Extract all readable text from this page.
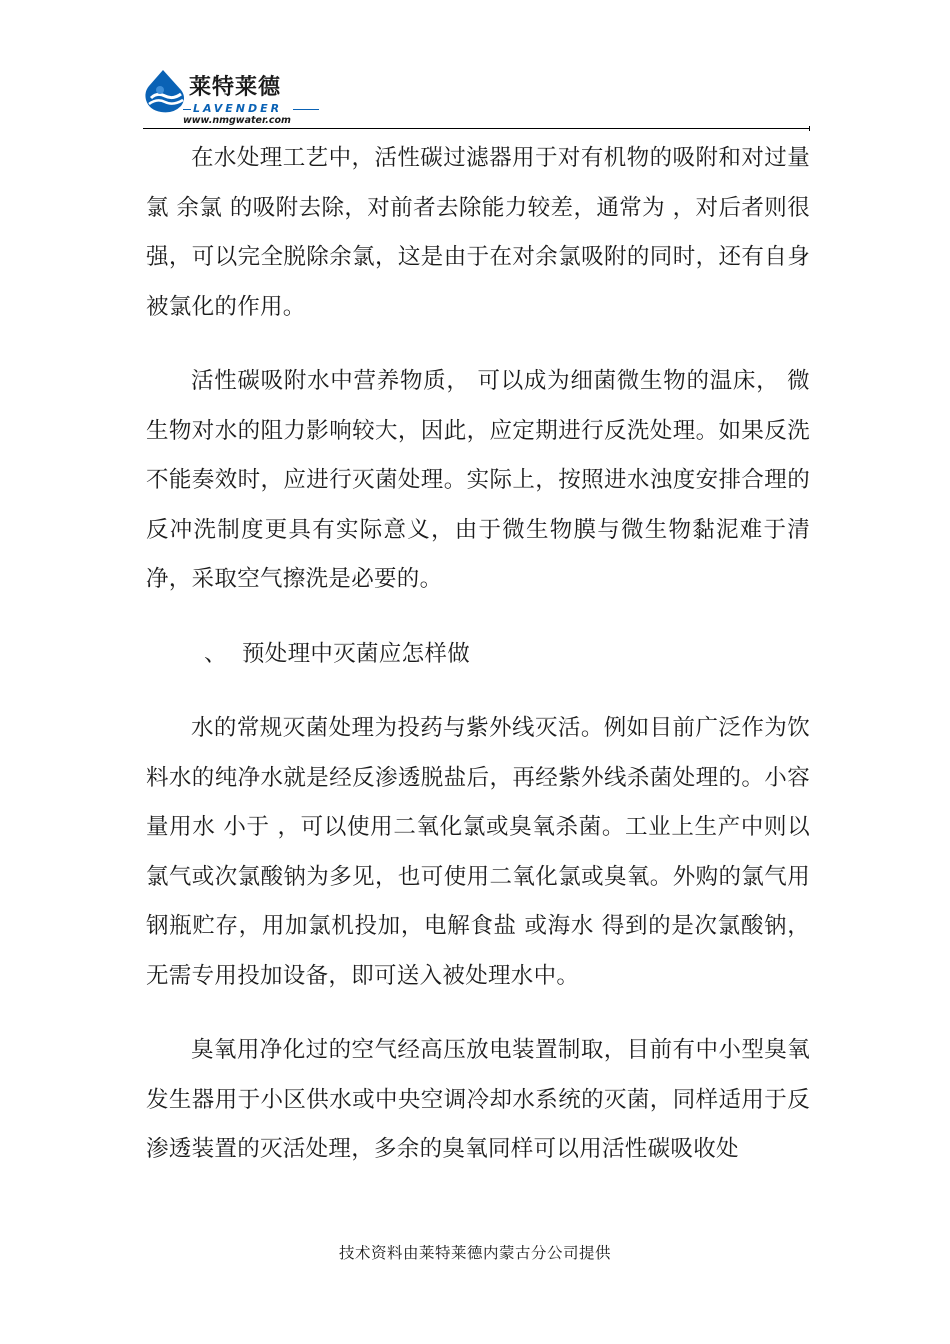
莱特莱德
LAVENDER
www.nmgwater.com

在水处理工艺中，活性碳过滤器用于对有机物的吸附和对过量氯 余氯 的吸附去除，对前者去除能力较差，通常为 ，对后者则很强，可以完全脱除余氯，这是由于在对余氯吸附的同时，还有自身被氯化的作用。

活性碳吸附水中营养物质， 可以成为细菌微生物的温床， 微生物对水的阻力影响较大，因此，应定期进行反洗处理。如果反洗不能奏效时，应进行灭菌处理。实际上，按照进水浊度安排合理的反冲洗制度更具有实际意义，由于微生物膜与微生物黏泥难于清净，采取空气擦洗是必要的。

、 预处理中灭菌应怎样做

水的常规灭菌处理为投药与紫外线灭活。例如目前广泛作为饮料水的纯净水就是经反渗透脱盐后，再经紫外线杀菌处理的。小容量用水 小于 ，可以使用二氧化氯或臭氧杀菌。工业上生产中则以氯气或次氯酸钠为多见，也可使用二氧化氯或臭氧。外购的氯气用钢瓶贮存，用加氯机投加，电解食盐 或海水 得到的是次氯酸钠，无需专用投加设备，即可送入被处理水中。

臭氧用净化过的空气经高压放电装置制取，目前有中小型臭氧发生器用于小区供水或中央空调冷却水系统的灭菌，同样适用于反渗透装置的灭活处理，多余的臭氧同样可以用活性碳吸收处

技术资料由莱特莱德内蒙古分公司提供
